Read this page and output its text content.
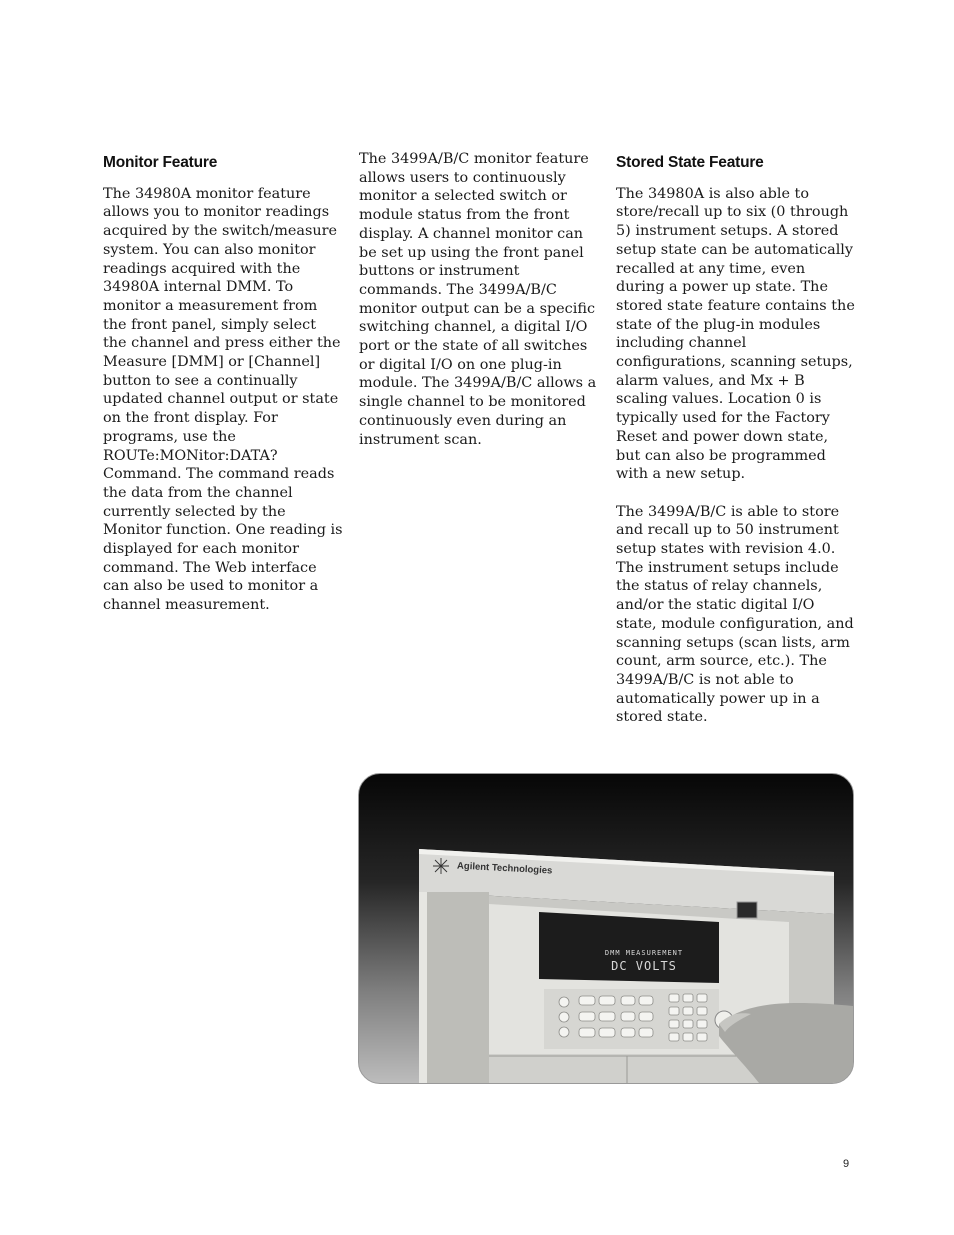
Monitor Feature

The 34980A monitor feature allows you to monitor readings acquired by the switch/measure system. You can also monitor readings acquired with the 34980A internal DMM. To monitor a measurement from the front panel, simply select the channel and press either the Measure [DMM] or [Channel] button to see a continually updated channel output or state on the front display. For programs, use the ROUTe:MONitor:DATA? Command. The command reads the data from the channel currently selected by the Monitor function. One reading is displayed for each monitor command. The Web interface can also be used to monitor a channel measurement.

The 3499A/B/C monitor feature allows users to continuously monitor a selected switch or module status from the front display. A channel monitor can be set up using the front panel buttons or instrument commands. The 3499A/B/C monitor output can be a specific switching channel, a digital I/O port or the state of all switches or digital I/O on one plug-in module. The 3499A/B/C allows a single channel to be monitored continuously even during an instrument scan.

Stored State Feature

The 34980A is also able to store/recall up to six (0 through 5) instrument setups. A stored setup state can be automatically recalled at any time, even during a power up state. The stored state feature contains the state of the plug-in modules including channel configurations, scanning setups, alarm values, and Mx + B scaling values. Location 0 is typically used for the Factory Reset and power down state, but can also be programmed with a new setup.

The 3499A/B/C is able to store and recall up to 50 instrument setup states with revision 4.0. The instrument setups include the status of relay channels, and/or the static digital I/O state, module configuration, and scanning setups (scan lists, arm count, arm source, etc.). The 3499A/B/C is not able to automatically power up in a stored state.

Agilent Technologies
DMM MEASUREMENT
DC VOLTS
9
